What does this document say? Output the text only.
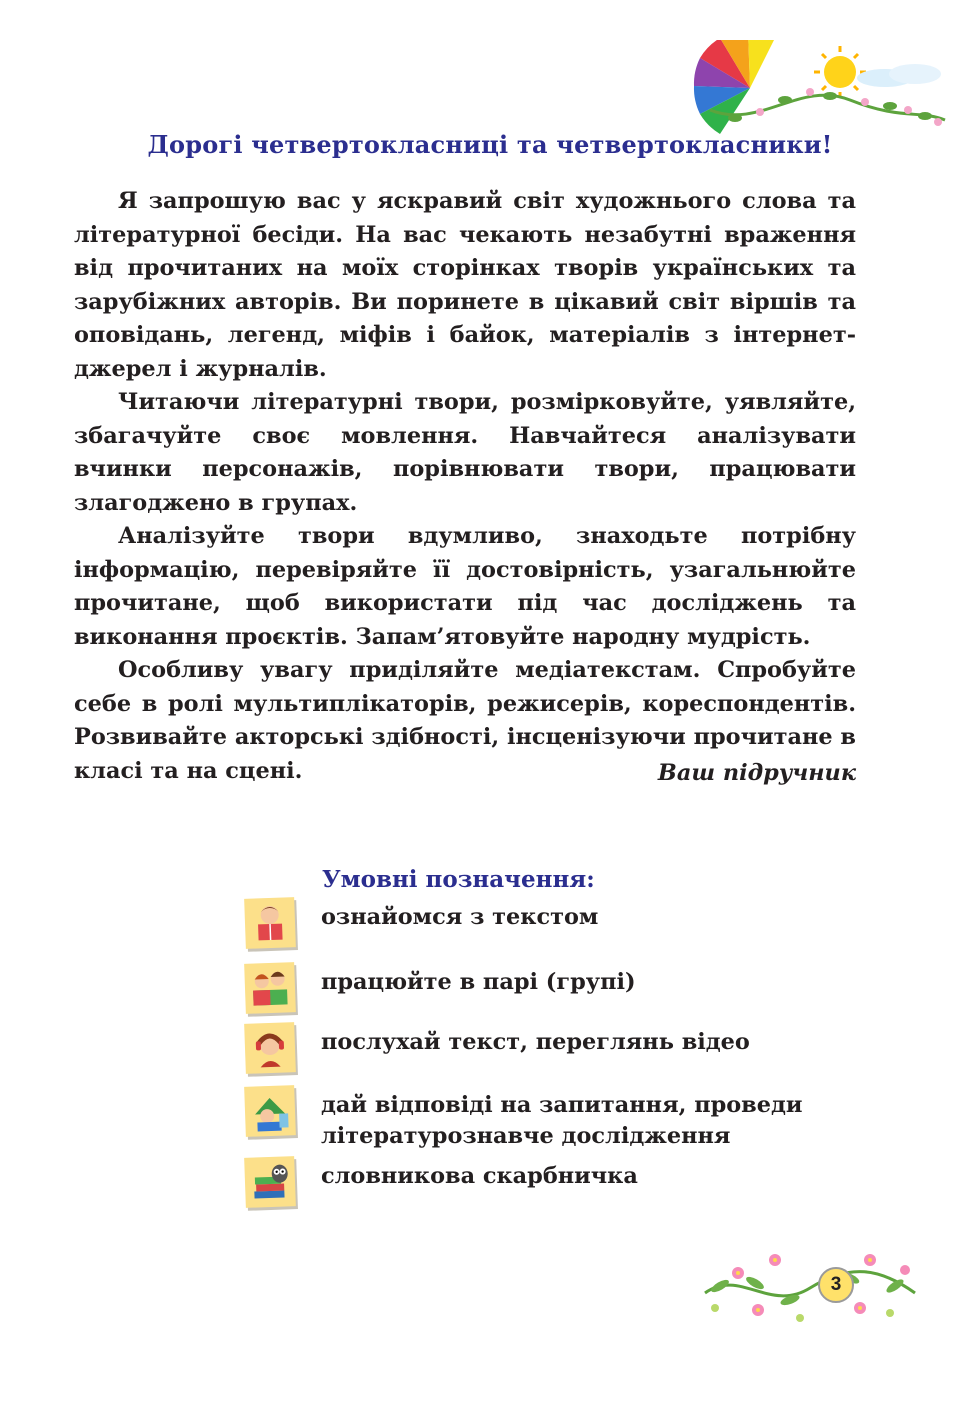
Дорогі четвертокласниці та четвертокласники!

Я запрошую вас у яскравий світ художнього слова та літературної бесіди. На вас чекають незабутні враження від прочитаних на моїх сторінках творів українських та зарубіжних авторів. Ви поринете в цікавий світ віршів та оповідань, легенд, міфів і байок, матеріалів з інтернет-джерел і журналів.

Читаючи літературні твори, розмірковуйте, уявляйте, збагачуйте своє мовлення. Навчайтеся аналізувати вчинки персонажів, порівнювати твори, працювати злагоджено в групах.

Аналізуйте твори вдумливо, знаходьте потрібну інформацію, перевіряйте її достовірність, узагальнюйте прочитане, щоб використати під час досліджень та виконання проєктів. Запам’ятовуйте народну мудрість.

Особливу увагу приділяйте медіатекстам. Спробуйте себе в ролі мультиплікаторів, режисерів, кореспондентів. Розвивайте акторські здібності, інсценізуючи прочитане в класі та на сцені.	Ваш підручник
Умовні позначення:
ознайомся з текстом
працюйте в парі (групі)
послухай текст, переглянь відео
дай відповіді на запитання, проведи літературознавче дослідження
словникова скарбничка
3
